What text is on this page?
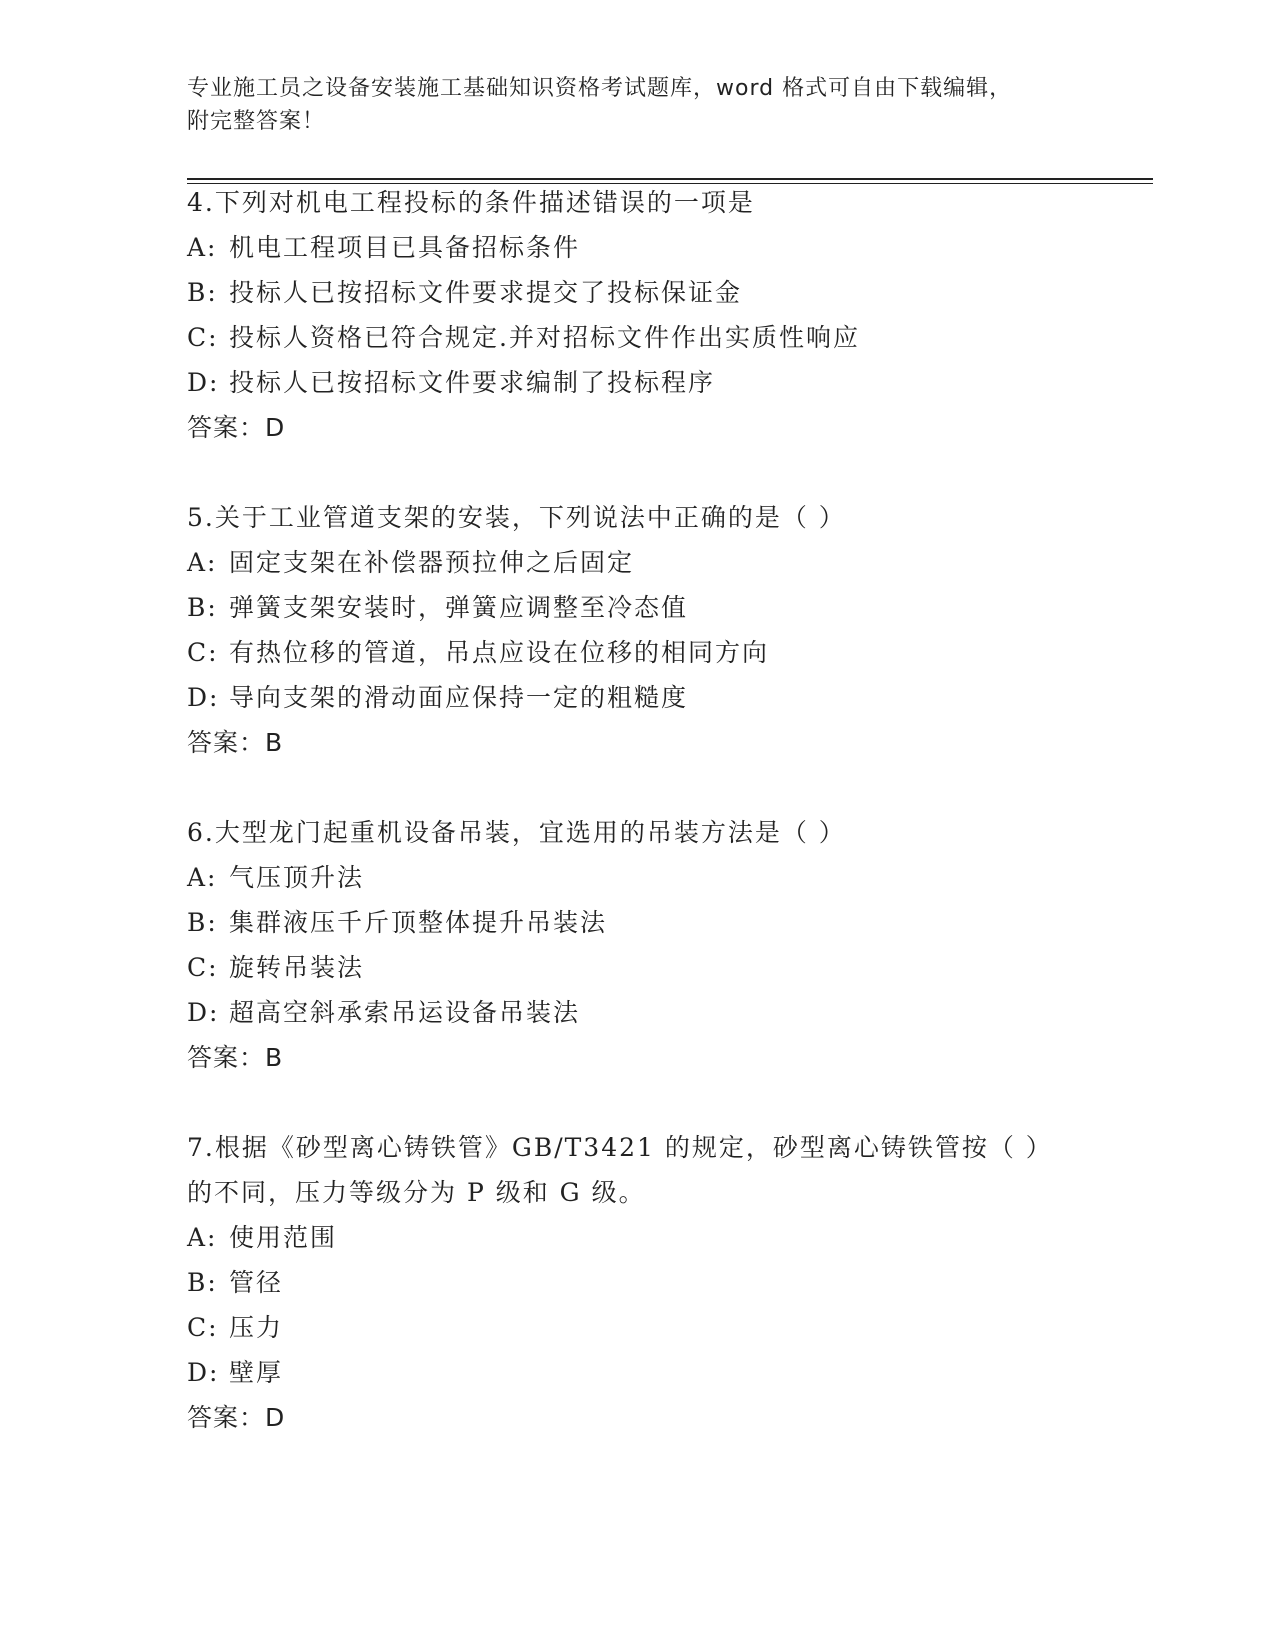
专业施工员之设备安装施工基础知识资格考试题库，word 格式可自由下载编辑，
附完整答案！
4.下列对机电工程投标的条件描述错误的一项是
A: 机电工程项目已具备招标条件
B: 投标人已按招标文件要求提交了投标保证金
C: 投标人资格已符合规定.并对招标文件作出实质性响应
D: 投标人已按招标文件要求编制了投标程序
答案：D
5.关于工业管道支架的安装，下列说法中正确的是（ ）
A: 固定支架在补偿器预拉伸之后固定
B: 弹簧支架安装时，弹簧应调整至冷态值
C: 有热位移的管道，吊点应设在位移的相同方向
D: 导向支架的滑动面应保持一定的粗糙度
答案：B
6.大型龙门起重机设备吊装，宜选用的吊装方法是（ ）
A: 气压顶升法
B: 集群液压千斤顶整体提升吊装法
C: 旋转吊装法
D: 超高空斜承索吊运设备吊装法
答案：B
7.根据《砂型离心铸铁管》GB/T3421 的规定，砂型离心铸铁管按（ ）
的不同，压力等级分为 P 级和 G 级。
A: 使用范围
B: 管径
C: 压力
D: 壁厚
答案：D
